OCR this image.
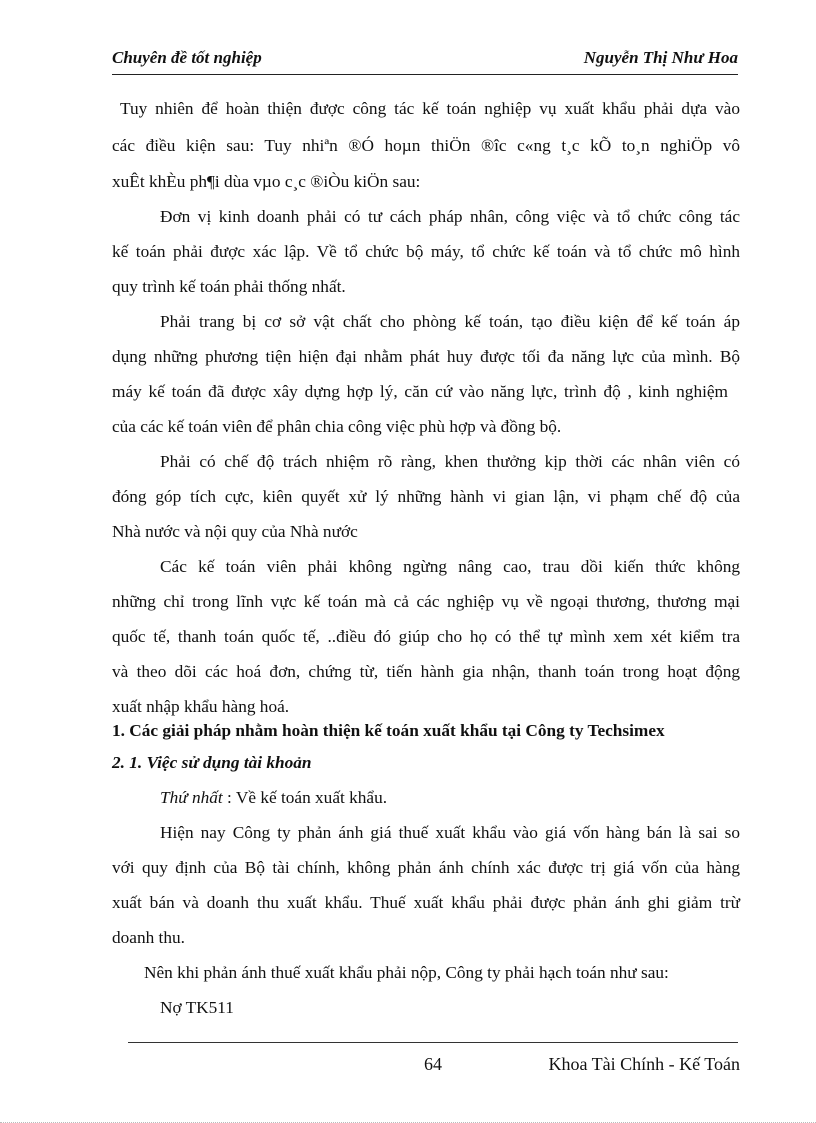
Chuyên đề tốt nghiệp	Nguyễn Thị Như Hoa
Tuy nhiên để hoàn thiện được công tác kế toán nghiệp vụ xuất khẩu phải dựa vào
các điều kiện sau: Tuy nhiªn ®Ó hoµn thiÖn ®îc c«ng t¸c kÕ to¸n nghiÖp vô
xuÊt khÈu ph¶i dùa vµo c¸c ®iÒu kiÖn sau:
Đơn vị kinh doanh phải có tư cách pháp nhân, công việc và tổ chức công tác
kế toán phải được xác lập. Về tổ chức bộ máy, tổ chức kế toán và tổ chức mô hình
quy trình kế toán phải thống nhất.
Phải trang bị cơ sở vật chất cho phòng kế toán, tạo điều kiện để kế toán áp
dụng những phương tiện hiện đại nhằm phát huy được tối đa năng lực của mình. Bộ
máy kế toán đã được xây dựng hợp lý, căn cứ vào năng lực, trình độ , kinh nghiệm
của các kế toán viên để phân chia công việc phù hợp và đồng bộ.
Phải có chế độ trách nhiệm rõ ràng, khen thưởng kịp thời các nhân viên có
đóng góp tích cực, kiên quyết xử lý những hành vi gian lận, vi phạm chế độ của
Nhà nước và nội quy của Nhà nước
Các kế toán viên phải không ngừng nâng cao, trau dồi kiến thức không
những chỉ trong lĩnh vực kế toán mà cả các nghiệp vụ về ngoại thương, thương mại
quốc tế, thanh toán quốc tế, ..điều đó giúp cho họ có thể tự mình xem xét kiểm tra
và theo dõi các hoá đơn, chứng từ, tiến hành gia nhận, thanh toán trong hoạt động
xuất nhập khẩu hàng hoá.
1. Các giải pháp nhằm hoàn thiện kế toán xuất khẩu tại Công ty Techsimex
2. 1. Việc sử dụng tài khoản
Thứ nhất : Về kế toán xuất khẩu.
Hiện nay Công ty phản ánh giá thuế xuất khẩu vào giá vốn hàng bán là sai so
với quy định của Bộ tài chính, không phản ánh chính xác được trị giá vốn của hàng
xuất bán và doanh thu xuất khẩu. Thuế xuất khẩu phải được phản ánh ghi giảm trừ
doanh thu.
Nên khi phản ánh thuế xuất khẩu phải nộp, Công ty phải hạch toán như sau:
Nợ TK511
64	Khoa Tài Chính - Kế Toán
